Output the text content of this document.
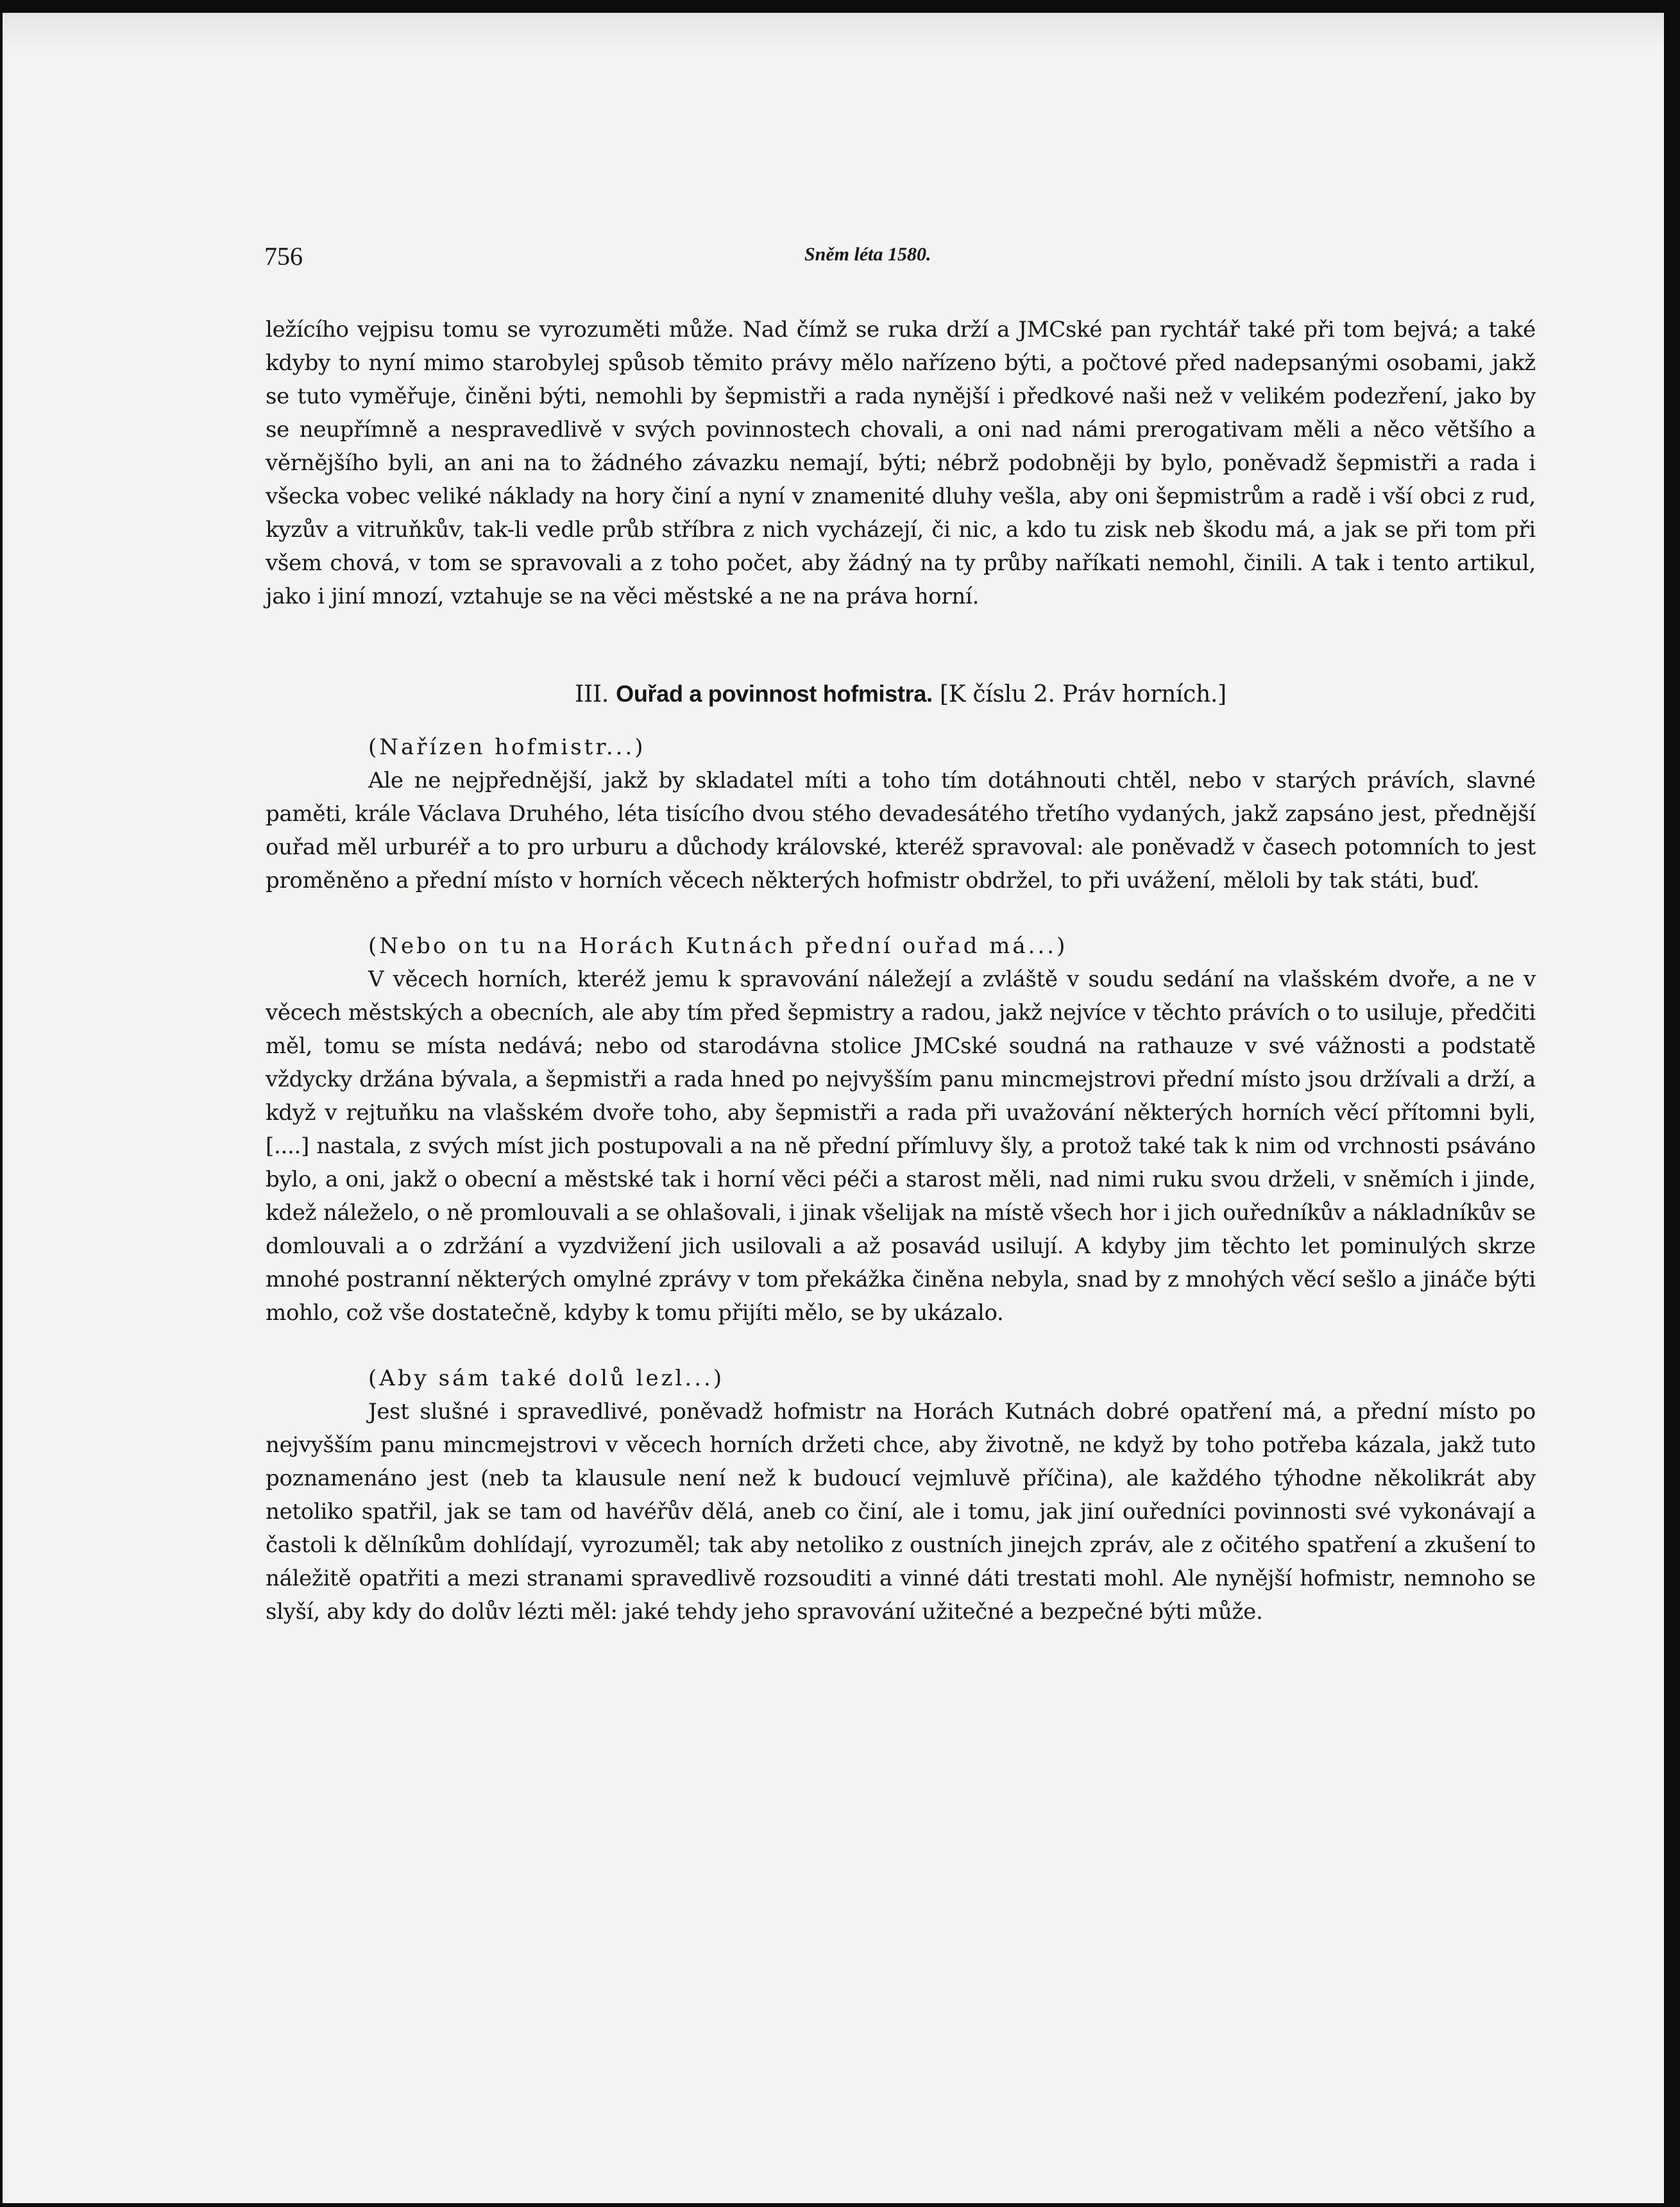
756	Sněm léta 1580.

ležícího vejpisu tomu se vyrozuměti může. Nad čímž se ruka drží a JMCské pan rychtář také při tom bejvá; a také kdyby to nyní mimo starobylej spůsob těmito právy mělo nařízeno býti, a počtové před nadepsanými osobami, jakž se tuto vyměřuje, činěni býti, nemohli by šepmistři a rada nynější i předkové naši než v velikém podezření, jako by se neupřímně a nespravedlivě v svých povinnostech chovali, a oni nad námi prerogativam měli a něco většího a věrnějšího byli, an ani na to žádného závazku nemají, býti; nébrž podobněji by bylo, poněvadž šepmistři a rada i všecka vobec veliké náklady na hory činí a nyní v znamenité dluhy vešla, aby oni šepmistrům a radě i vší obci z rud, kyzův a vitruňkův, tak-li vedle průb stříbra z nich vycházejí, či nic, a kdo tu zisk neb škodu má, a jak se při tom při všem chová, v tom se spravovali a z toho počet, aby žádný na ty průby naříkati nemohl, činili. A tak i tento artikul, jako i jiní mnozí, vztahuje se na věci městské a ne na práva horní.

III. Ouřad a povinnost hofmistra. [K číslu 2. Práv horních.]
(Nařízen hofmistr...)

Ale ne nejpřednější, jakž by skladatel míti a toho tím dotáhnouti chtěl, nebo v starých právích, slavné paměti, krále Václava Druhého, léta tisícího dvou stého devadesátého třetího vydaných, jakž zapsáno jest, přednější ouřad měl urburéř a to pro urburu a důchody královské, kteréž spravoval: ale poněvadž v časech potomních to jest proměněno a přední místo v horních věcech některých hofmistr obdržel, to při uvážení, měloli by tak státi, buď.

(Nebo on tu na Horách Kutnách přední ouřad má...)

V věcech horních, kteréž jemu k spravování náležejí a zvláště v soudu sedání na vlašském dvoře, a ne v věcech městských a obecních, ale aby tím před šepmistry a radou, jakž nejvíce v těchto právích o to usiluje, předčiti měl, tomu se místa nedává; nebo od starodávna stolice JMCské soudná na rathauze v své vážnosti a podstatě vždycky držána bývala, a šepmistři a rada hned po nejvyšším panu mincmejstrovi přední místo jsou držívali a drží, a když v rejtuňku na vlašském dvoře toho, aby šepmistři a rada při uvažování některých horních věcí přítomni byli, [....] nastala, z svých míst jich postupovali a na ně přední přímluvy šly, a protož také tak k nim od vrchnosti psáváno bylo, a oni, jakž o obecní a městské tak i horní věci péči a starost měli, nad nimi ruku svou drželi, v sněmích i jinde, kdež náleželo, o ně promlouvali a se ohlašovali, i jinak všelijak na místě všech hor i jich ouředníkův a nákladníkův se domlouvali a o zdržání a vyzdvižení jich usilovali a až posavád usilují. A kdyby jim těchto let pominulých skrze mnohé postranní některých omylné zprávy v tom překážka činěna nebyla, snad by z mnohých věcí sešlo a jináče býti mohlo, což vše dostatečně, kdyby k tomu přijíti mělo, se by ukázalo.

(Aby sám také dolů lezl...)

Jest slušné i spravedlivé, poněvadž hofmistr na Horách Kutnách dobré opatření má, a přední místo po nejvyšším panu mincmejstrovi v věcech horních držeti chce, aby životně, ne když by toho potřeba kázala, jakž tuto poznamenáno jest (neb ta klausule není než k budoucí vejmluvě příčina), ale každého týhodne několikrát aby netoliko spatřil, jak se tam od havéřův dělá, aneb co činí, ale i tomu, jak jiní ouředníci povinnosti své vykonávají a častoli k dělníkům dohlídají, vyrozuměl; tak aby netoliko z oustních jinejch zpráv, ale z očitého spatření a zkušení to náležitě opatřiti a mezi stranami spravedlivě rozsouditi a vinné dáti trestati mohl. Ale nynější hofmistr, nemnoho se slyší, aby kdy do dolův lézti měl: jaké tehdy jeho spravování užitečné a bezpečné býti může.
